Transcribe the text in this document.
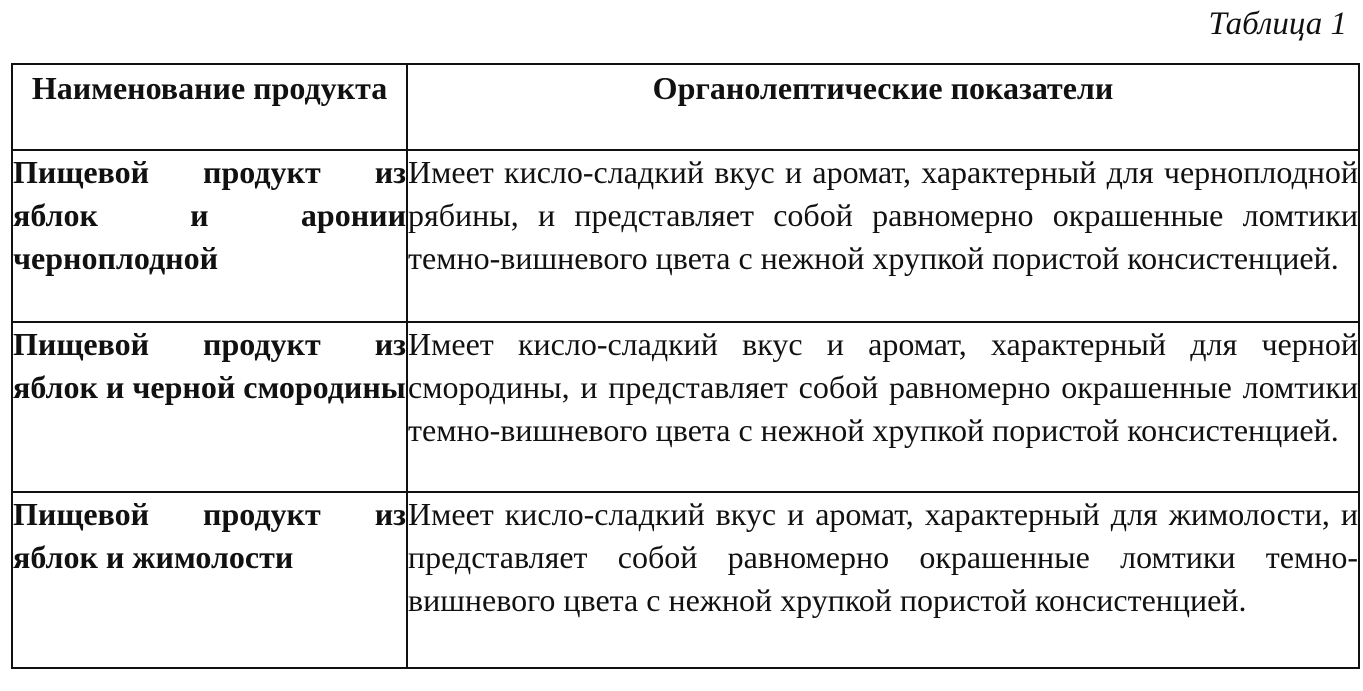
Таблица 1
Наименование продукта	Органолептические показатели

Пищевой продукт из яблок и аронии черноплодной	Имеет кисло-сладкий вкус и аромат, характерный для черноплодной рябины, и представляет собой равномерно окрашенные ломтики темно-вишневого цвета с нежной хрупкой пористой консистенцией.
Пищевой продукт из яблок и черной смородины	Имеет кисло-сладкий вкус и аромат, характерный для черной смородины, и представляет собой равномерно окрашенные ломтики темно-вишневого цвета с нежной хрупкой пористой консистенцией.
Пищевой продукт из яблок и жимолости	Имеет кисло-сладкий вкус и аромат, характерный для жимолости, и представляет собой равномерно окрашенные ломтики темно-вишневого цвета с нежной хрупкой пористой консистенцией.
